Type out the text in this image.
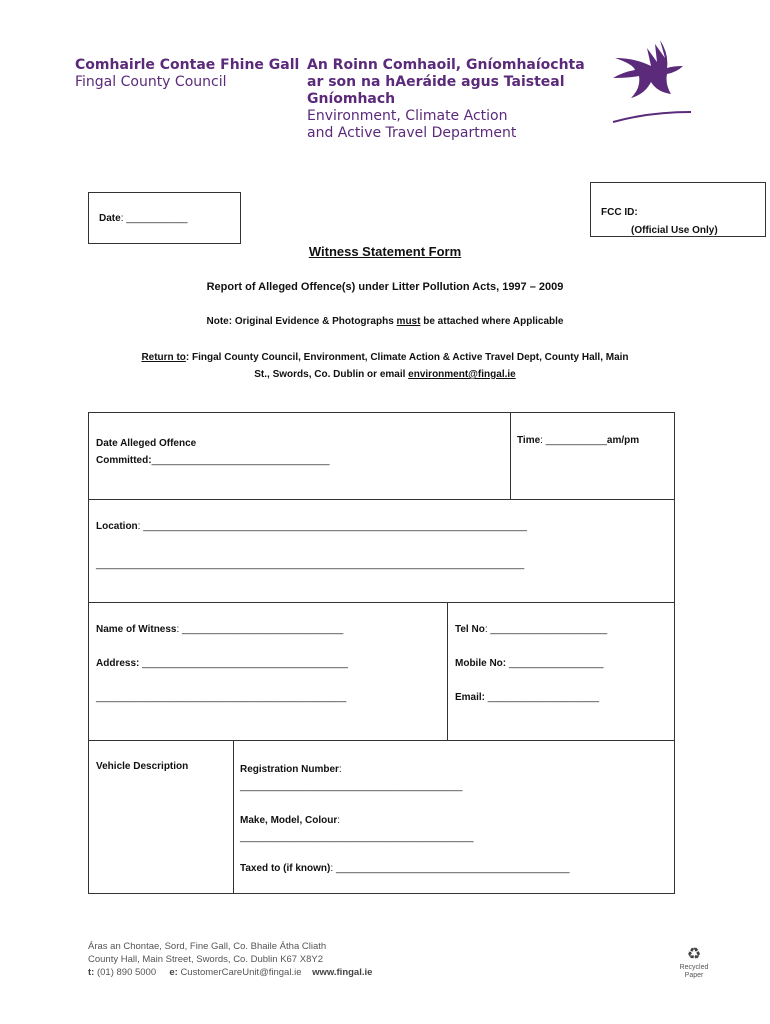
Comhairle Contae Fhine Gall
Fingal County Council
An Roinn Comhaoil, Gníomhaíochta
ar son na hAeráide agus Taisteal
Gníomhach
Environment, Climate Action
and Active Travel Department
Date: ___________
FCC ID:
(Official Use Only)
Witness Statement Form
Report of Alleged Offence(s) under Litter Pollution Acts, 1997 – 2009
Note: Original Evidence & Photographs must be attached where Applicable
Return to: Fingal County Council, Environment, Climate Action & Active Travel Dept, County Hall, Main
St., Swords, Co. Dublin or email environment@fingal.ie
Date Alleged Offence
Committed:________________________________
Time: ___________am/pm
Location: _____________________________________________________________________
_____________________________________________________________________________
Name of Witness: _____________________________
Address: _____________________________________
_____________________________________________
Tel No: _____________________
Mobile No: _________________
Email: ____________________
Vehicle Description	Registration Number:
________________________________________
Make, Model, Colour:
__________________________________________
Taxed to (if known): __________________________________________
Áras an Chontae, Sord, Fine Gall, Co. Bhaile Átha Cliath
County Hall, Main Street, Swords, Co. Dublin K67 X8Y2
t: (01) 890 5000 e: CustomerCareUnit@fingal.ie www.fingal.ie
♻
Recycled
Paper
